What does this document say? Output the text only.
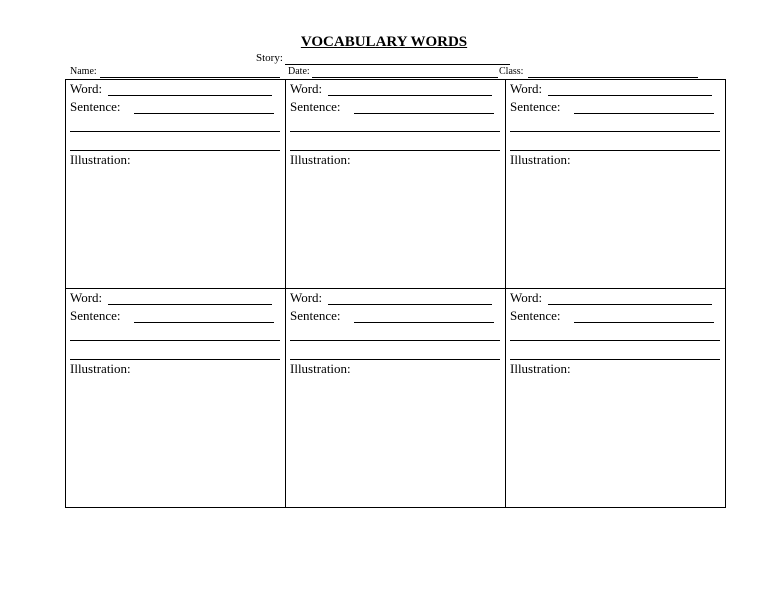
VOCABULARY WORDS
Story:
Name:	Date:	Class:
Word:
Sentence:
Illustration:
Word:
Sentence:
Illustration:
Word:
Sentence:
Illustration:
Word:
Sentence:
Illustration:
Word:
Sentence:
Illustration:
Word:
Sentence:
Illustration:
